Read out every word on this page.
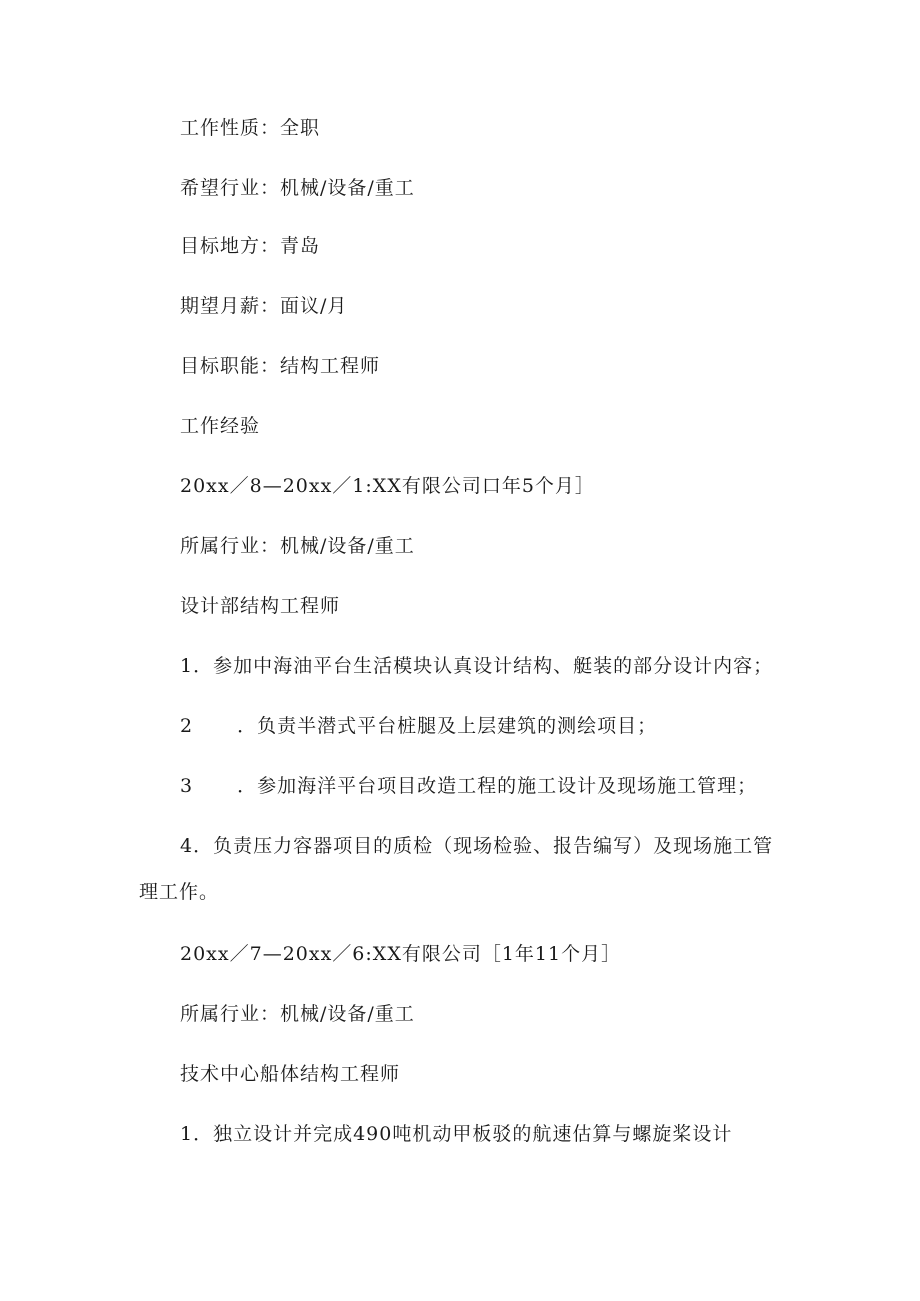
工作性质：全职
希望行业：机械/设备/重工
目标地方：青岛
期望月薪：面议/月
目标职能：结构工程师
工作经验
20xx／8—20xx／1:XX有限公司口年5个月］
所属行业：机械/设备/重工
设计部结构工程师
1．参加中海油平台生活模块认真设计结构、艇装的部分设计内容；
2 ．负责半潜式平台桩腿及上层建筑的测绘项目；
3 ．参加海洋平台项目改造工程的施工设计及现场施工管理；
4．负责压力容器项目的质检（现场检验、报告编写）及现场施工管
理工作。
20xx／7—20xx／6:XX有限公司［1年11个月］
所属行业：机械/设备/重工
技术中心船体结构工程师
1．独立设计并完成490吨机动甲板驳的航速估算与螺旋桨设计
